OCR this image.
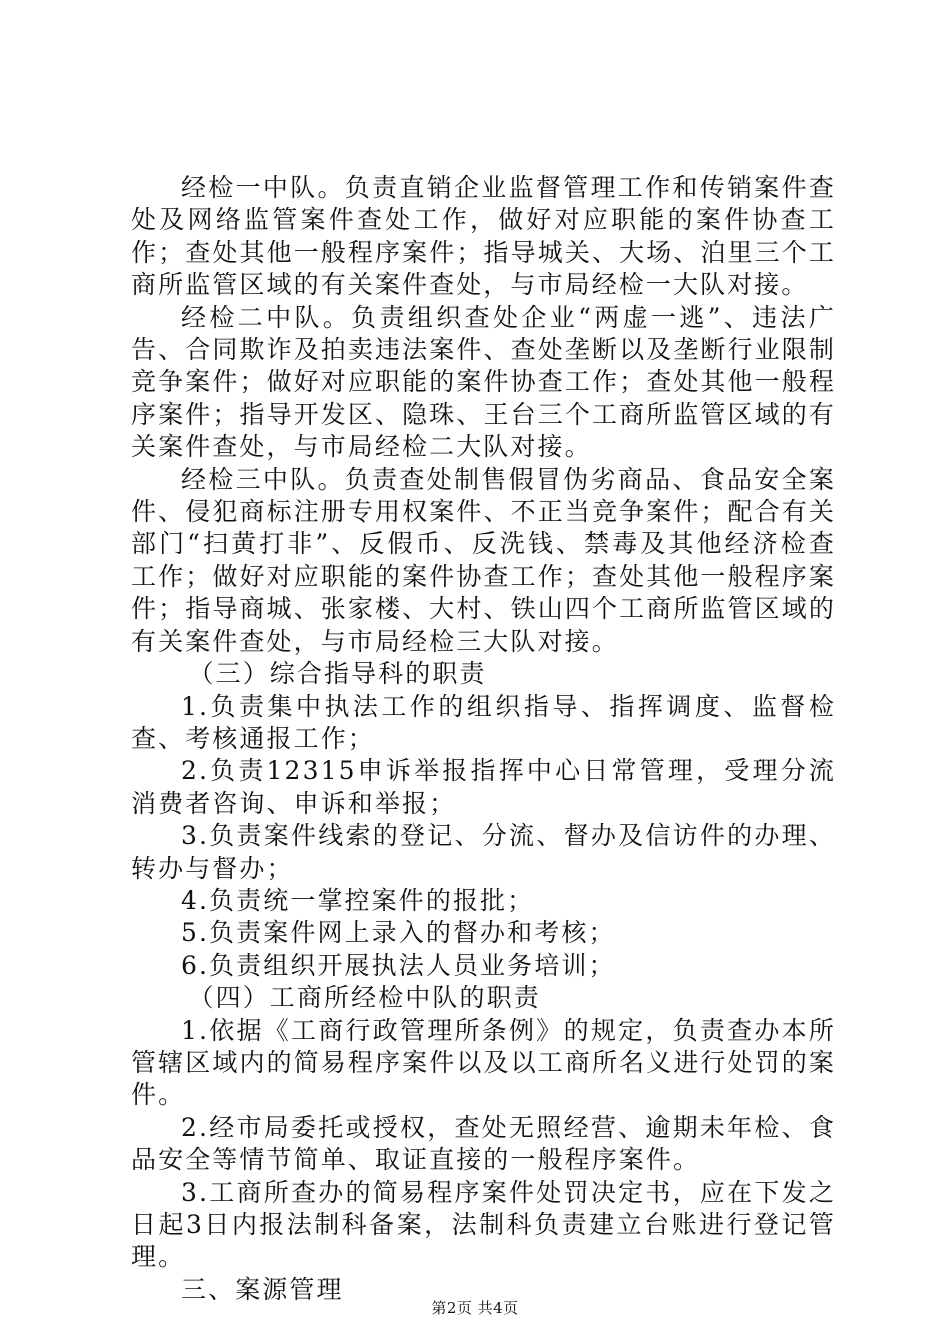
经检一中队。负责直销企业监督管理工作和传销案件查处及网络监管案件查处工作，做好对应职能的案件协查工作；查处其他一般程序案件；指导城关、大场、泊里三个工商所监管区域的有关案件查处，与市局经检一大队对接。

经检二中队。负责组织查处企业“两虚一逃”、违法广告、合同欺诈及拍卖违法案件、查处垄断以及垄断行业限制竞争案件；做好对应职能的案件协查工作；查处其他一般程序案件；指导开发区、隐珠、王台三个工商所监管区域的有关案件查处，与市局经检二大队对接。

经检三中队。负责查处制售假冒伪劣商品、食品安全案件、侵犯商标注册专用权案件、不正当竞争案件；配合有关部门“扫黄打非”、反假币、反洗钱、禁毒及其他经济检查工作；做好对应职能的案件协查工作；查处其他一般程序案件；指导商城、张家楼、大村、铁山四个工商所监管区域的有关案件查处，与市局经检三大队对接。

（三）综合指导科的职责

1.负责集中执法工作的组织指导、指挥调度、监督检查、考核通报工作；

2.负责12315申诉举报指挥中心日常管理，受理分流消费者咨询、申诉和举报；

3.负责案件线索的登记、分流、督办及信访件的办理、转办与督办；

4.负责统一掌控案件的报批；

5.负责案件网上录入的督办和考核；

6.负责组织开展执法人员业务培训；

（四）工商所经检中队的职责

1.依据《工商行政管理所条例》的规定，负责查办本所管辖区域内的简易程序案件以及以工商所名义进行处罚的案件。

2.经市局委托或授权，查处无照经营、逾期未年检、食品安全等情节简单、取证直接的一般程序案件。

3.工商所查办的简易程序案件处罚决定书，应在下发之日起3日内报法制科备案，法制科负责建立台账进行登记管理。

三、案源管理

第2页 共4页
